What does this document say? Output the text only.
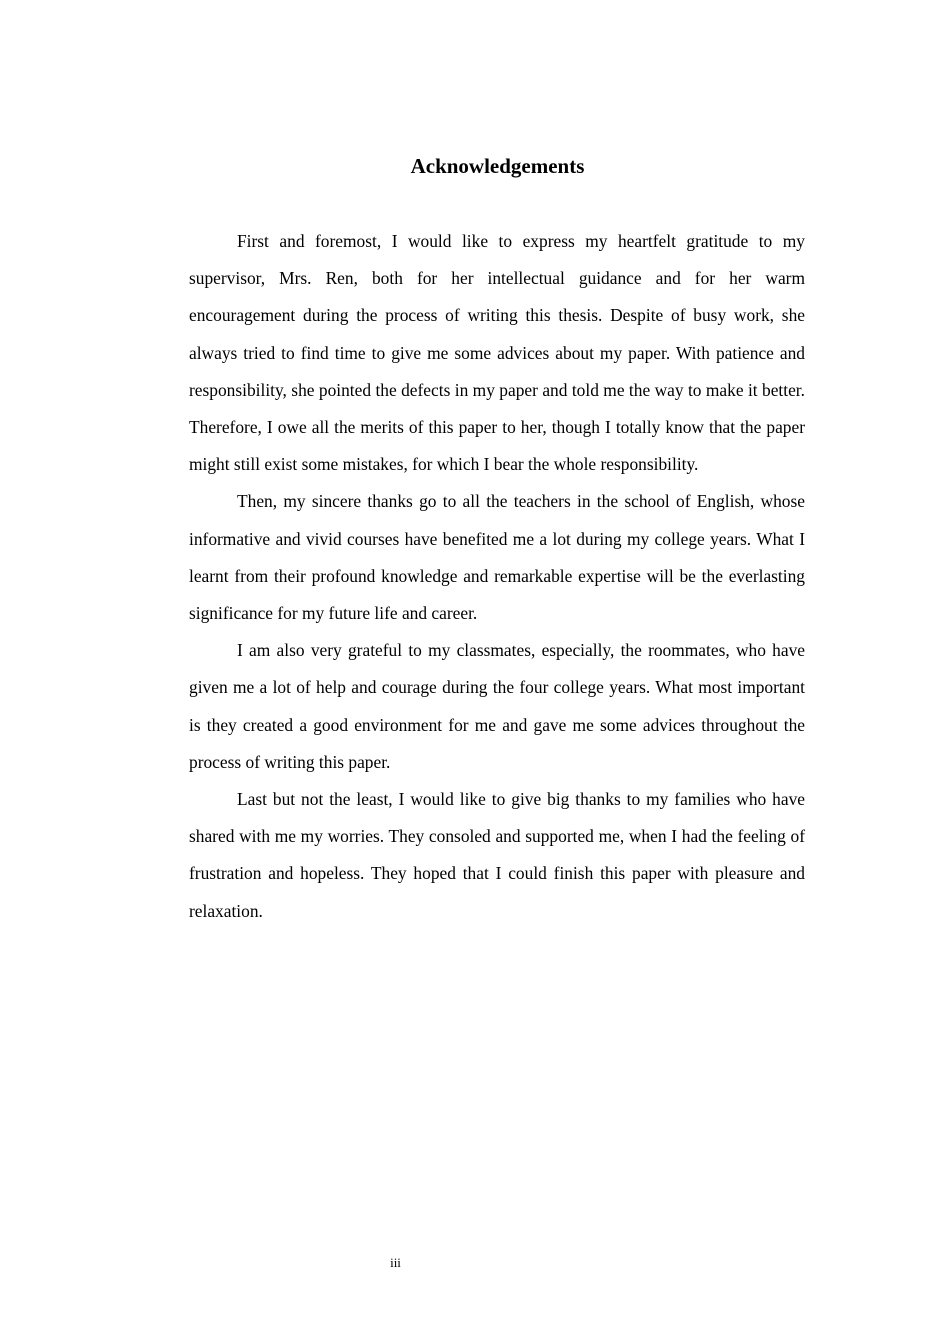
Acknowledgements

First and foremost, I would like to express my heartfelt gratitude to my supervisor, Mrs. Ren, both for her intellectual guidance and for her warm encouragement during the process of writing this thesis. Despite of busy work, she always tried to find time to give me some advices about my paper. With patience and responsibility, she pointed the defects in my paper and told me the way to make it better. Therefore, I owe all the merits of this paper to her, though I totally know that the paper might still exist some mistakes, for which I bear the whole responsibility.

Then, my sincere thanks go to all the teachers in the school of English, whose informative and vivid courses have benefited me a lot during my college years. What I learnt from their profound knowledge and remarkable expertise will be the everlasting significance for my future life and career.

I am also very grateful to my classmates, especially, the roommates, who have given me a lot of help and courage during the four college years. What most important is they created a good environment for me and gave me some advices throughout the process of writing this paper.

Last but not the least, I would like to give big thanks to my families who have shared with me my worries. They consoled and supported me, when I had the feeling of frustration and hopeless. They hoped that I could finish this paper with pleasure and relaxation.

iii
